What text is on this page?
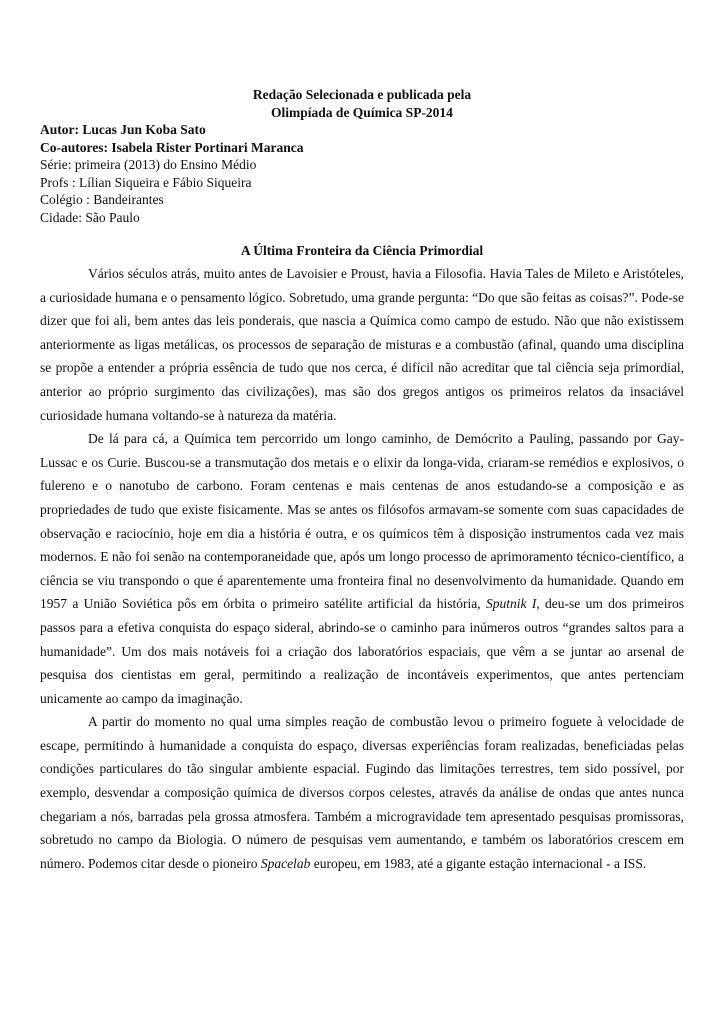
Redação Selecionada e publicada pela
Olimpíada de Química SP-2014
Autor: Lucas Jun Koba Sato
Co-autores: Isabela Rister Portinari Maranca
Série: primeira (2013) do Ensino Médio
Profs : Lílian Siqueira e Fábio Siqueira
Colégio : Bandeirantes
Cidade: São Paulo
A Última Fronteira da Ciência Primordial

Vários séculos atrás, muito antes de Lavoisier e Proust, havia a Filosofia. Havia Tales de Mileto e Aristóteles, a curiosidade humana e o pensamento lógico. Sobretudo, uma grande pergunta: “Do que são feitas as coisas?”. Pode-se dizer que foi ali, bem antes das leis ponderais, que nascia a Química como campo de estudo. Não que não existissem anteriormente as ligas metálicas, os processos de separação de misturas e a combustão (afinal, quando uma disciplina se propõe a entender a própria essência de tudo que nos cerca, é difícil não acreditar que tal ciência seja primordial, anterior ao próprio surgimento das civilizações), mas são dos gregos antigos os primeiros relatos da insaciável curiosidade humana voltando-se à natureza da matéria.

De lá para cá, a Química tem percorrido um longo caminho, de Demócrito a Pauling, passando por Gay-Lussac e os Curie. Buscou-se a transmutação dos metais e o elixir da longa-vida, criaram-se remédios e explosivos, o fulereno e o nanotubo de carbono. Foram centenas e mais centenas de anos estudando-se a composição e as propriedades de tudo que existe fisicamente. Mas se antes os filósofos armavam-se somente com suas capacidades de observação e raciocínio, hoje em dia a história é outra, e os químicos têm à disposição instrumentos cada vez mais modernos. E não foi senão na contemporaneidade que, após um longo processo de aprimoramento técnico-científico, a ciência se viu transpondo o que é aparentemente uma fronteira final no desenvolvimento da humanidade. Quando em 1957 a União Soviética pôs em órbita o primeiro satélite artificial da história, Sputnik I, deu-se um dos primeiros passos para a efetiva conquista do espaço sideral, abrindo-se o caminho para inúmeros outros “grandes saltos para a humanidade”. Um dos mais notáveis foi a criação dos laboratórios espaciais, que vêm a se juntar ao arsenal de pesquisa dos cientistas em geral, permitindo a realização de incontáveis experimentos, que antes pertenciam unicamente ao campo da imaginação.

A partir do momento no qual uma simples reação de combustão levou o primeiro foguete à velocidade de escape, permitindo à humanidade a conquista do espaço, diversas experiências foram realizadas, beneficiadas pelas condições particulares do tão singular ambiente espacial. Fugindo das limitações terrestres, tem sido possível, por exemplo, desvendar a composição química de diversos corpos celestes, através da análise de ondas que antes nunca chegariam a nós, barradas pela grossa atmosfera. Também a microgravidade tem apresentado pesquisas promissoras, sobretudo no campo da Biologia. O número de pesquisas vem aumentando, e também os laboratórios crescem em número. Podemos citar desde o pioneiro Spacelab europeu, em 1983, até a gigante estação internacional - a ISS.
